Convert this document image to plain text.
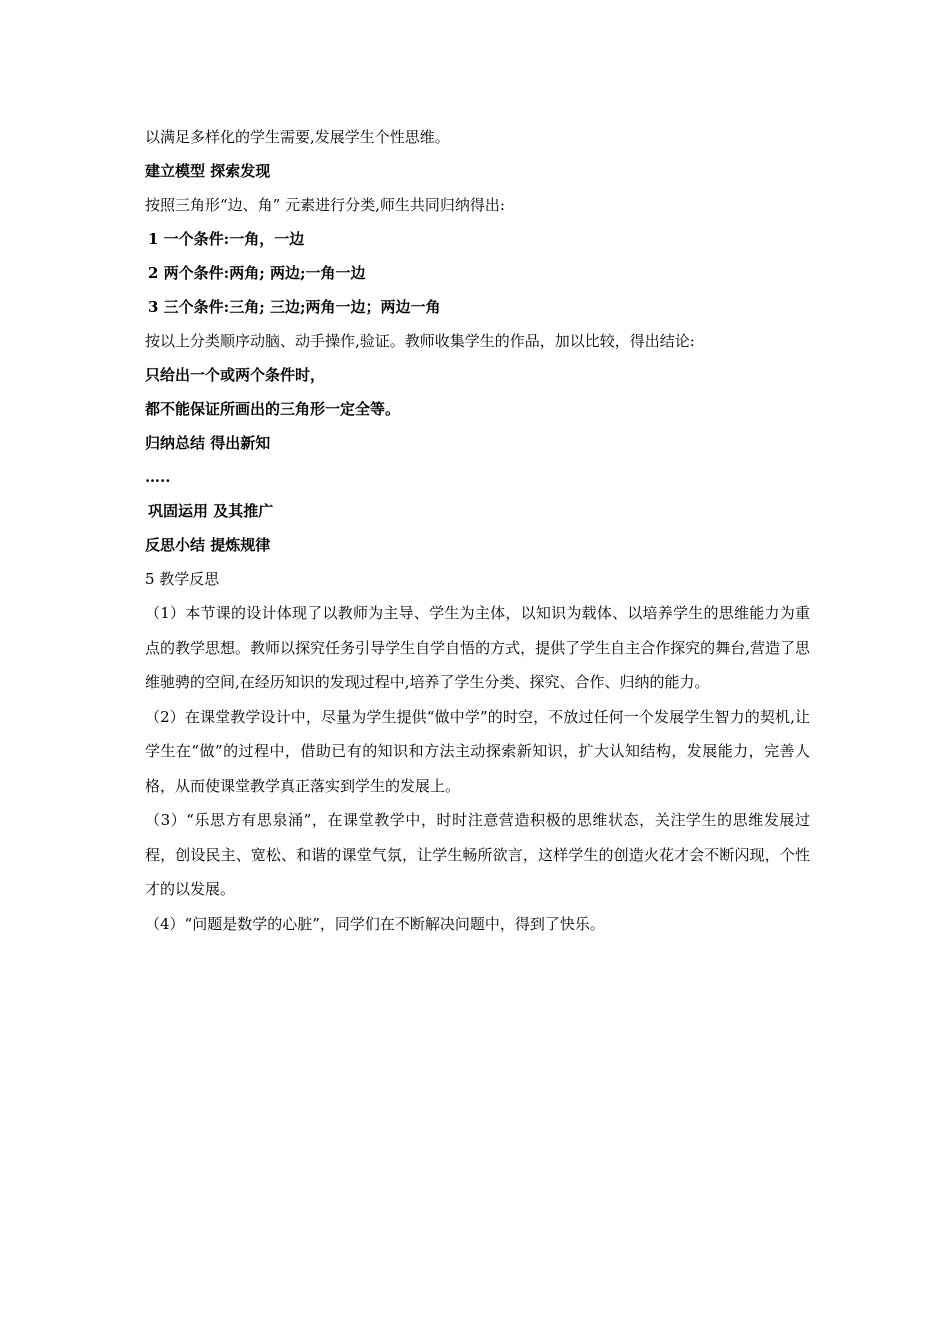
以满足多样化的学生需要,发展学生个性思维。
建立模型 探索发现
按照三角形“边、角” 元素进行分类,师生共同归纳得出:
1 一个条件:一角，一边
2 两个条件:两角; 两边;一角一边
3 三个条件:三角; 三边;两角一边；两边一角
按以上分类顺序动脑、动手操作,验证。教师收集学生的作品，加以比较，得出结论:
只给出一个或两个条件时，
都不能保证所画出的三角形一定全等。
归纳总结 得出新知
…..
巩固运用 及其推广
反思小结 提炼规律
5 教学反思
（1）本节课的设计体现了以教师为主导、学生为主体，以知识为载体、以培养学生的思维能力为重点的教学思想。教师以探究任务引导学生自学自悟的方式，提供了学生自主合作探究的舞台,营造了思维驰骋的空间,在经历知识的发现过程中,培养了学生分类、探究、合作、归纳的能力。
（2）在课堂教学设计中，尽量为学生提供“做中学”的时空，不放过任何一个发展学生智力的契机,让学生在“做”的过程中，借助已有的知识和方法主动探索新知识，扩大认知结构，发展能力，完善人格，从而使课堂教学真正落实到学生的发展上。
（3）“乐思方有思泉涌”，在课堂教学中，时时注意营造积极的思维状态，关注学生的思维发展过程，创设民主、宽松、和谐的课堂气氛，让学生畅所欲言，这样学生的创造火花才会不断闪现，个性才的以发展。
（4）“问题是数学的心脏”，同学们在不断解决问题中，得到了快乐。
